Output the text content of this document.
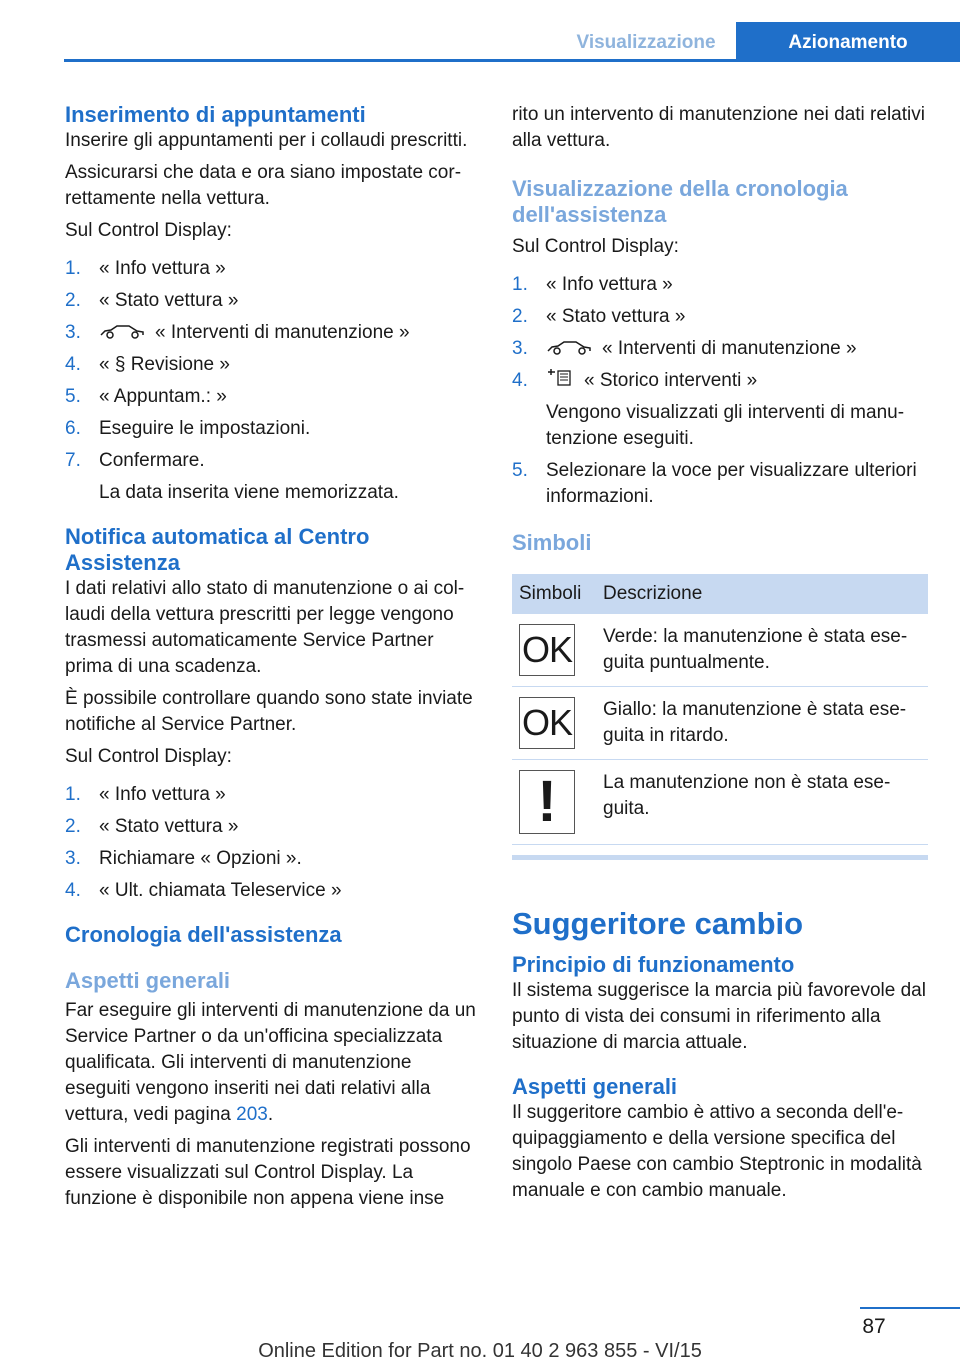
Visualizzazione	Azionamento
Inserimento di appuntamenti

Inserire gli appuntamenti per i collaudi prescritti.

Assicurarsi che data e ora siano impostate correttamente nella vettura.

Sul Control Display:

1. « Info vettura »
2. « Stato vettura »
3.	« Interventi di manutenzione »
4. « § Revisione »
5. « Appuntam.: »
6. Eseguire le impostazioni.
7. Confermare.
La data inserita viene memorizzata.
Notifica automatica al Centro Assistenza

I dati relativi allo stato di manutenzione o ai collaudi della vettura prescritti per legge vengono trasmessi automaticamente Service Partner prima di una scadenza.

È possibile controllare quando sono state inviate notifiche al Service Partner.

Sul Control Display:

1. « Info vettura »
2. « Stato vettura »
3. Richiamare « Opzioni ».
4. « Ult. chiamata Teleservice »
Cronologia dell'assistenza
Aspetti generali

Far eseguire gli interventi di manutenzione da un Service Partner o da un'officina specializzata qualificata. Gli interventi di manutenzione eseguiti vengono inseriti nei dati relativi alla vettura, vedi pagina 203.

Gli interventi di manutenzione registrati possono essere visualizzati sul Control Display. La funzione è disponibile non appena viene inse

rito un intervento di manutenzione nei dati relativi alla vettura.

Visualizzazione della cronologia dell'assistenza

Sul Control Display:

1. « Info vettura »
2. « Stato vettura »
3.	« Interventi di manutenzione »
4.	« Storico interventi »
Vengono visualizzati gli interventi di manutenzione eseguiti.
5. Selezionare la voce per visualizzare ulteriori informazioni.
Simboli
Simboli	Descrizione

OK	Verde: la manutenzione è stata eseguita puntualmente.

OK	Giallo: la manutenzione è stata eseguita in ritardo.

!	La manutenzione non è stata eseguita.
Suggeritore cambio
Principio di funzionamento

Il sistema suggerisce la marcia più favorevole dal punto di vista dei consumi in riferimento alla situazione di marcia attuale.

Aspetti generali

Il suggeritore cambio è attivo a seconda dell'equipaggiamento e della versione specifica del singolo Paese con cambio Steptronic in modalità manuale e con cambio manuale.

87
Online Edition for Part no. 01 40 2 963 855 - VI/15
